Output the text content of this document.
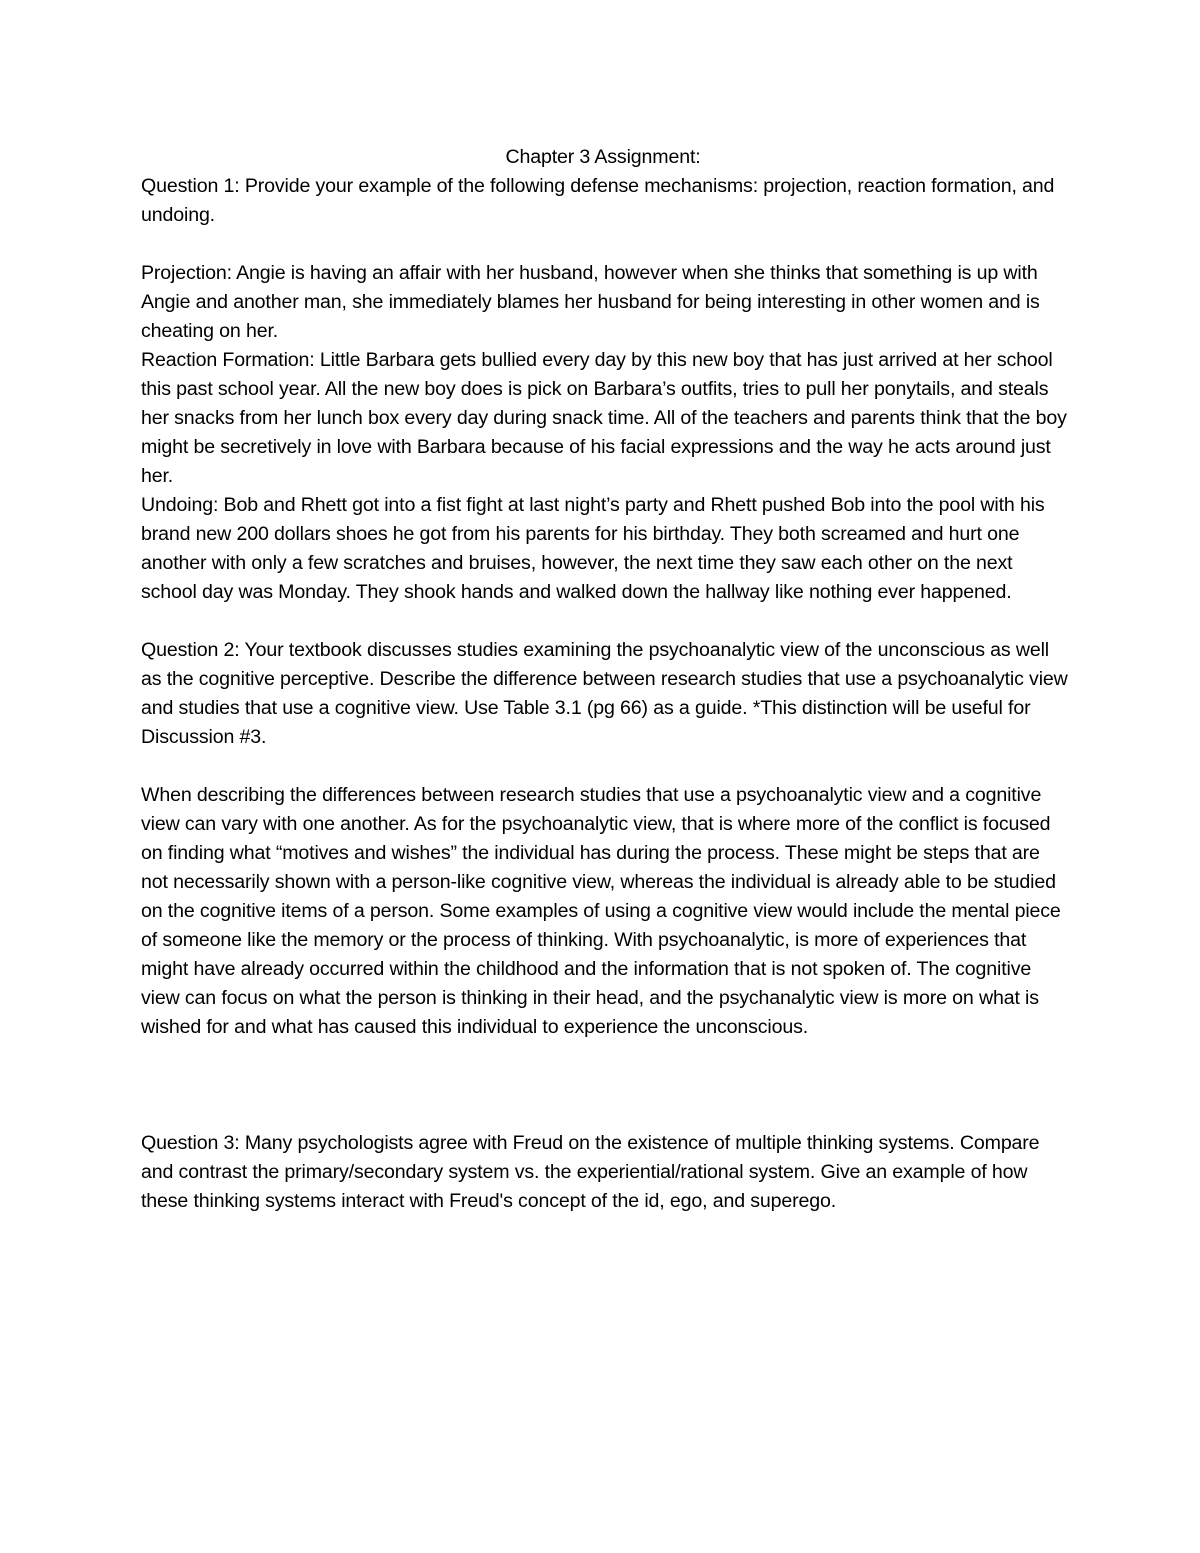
Chapter 3 Assignment:

Question 1: Provide your example of the following defense mechanisms: projection, reaction formation, and undoing.

Projection: Angie is having an affair with her husband, however when she thinks that something is up with Angie and another man, she immediately blames her husband for being interesting in other women and is cheating on her.

Reaction Formation: Little Barbara gets bullied every day by this new boy that has just arrived at her school this past school year. All the new boy does is pick on Barbara’s outfits, tries to pull her ponytails, and steals her snacks from her lunch box every day during snack time. All of the teachers and parents think that the boy might be secretively in love with Barbara because of his facial expressions and the way he acts around just her.

Undoing: Bob and Rhett got into a fist fight at last night’s party and Rhett pushed Bob into the pool with his brand new 200 dollars shoes he got from his parents for his birthday. They both screamed and hurt one another with only a few scratches and bruises, however, the next time they saw each other on the next school day was Monday. They shook hands and walked down the hallway like nothing ever happened.

Question 2: Your textbook discusses studies examining the psychoanalytic view of the unconscious as well as the cognitive perceptive. Describe the difference between research studies that use a psychoanalytic view and studies that use a cognitive view. Use Table 3.1 (pg 66) as a guide. *This distinction will be useful for Discussion #3.

When describing the differences between research studies that use a psychoanalytic view and a cognitive view can vary with one another. As for the psychoanalytic view, that is where more of the conflict is focused on finding what “motives and wishes” the individual has during the process. These might be steps that are not necessarily shown with a person-like cognitive view, whereas the individual is already able to be studied on the cognitive items of a person. Some examples of using a cognitive view would include the mental piece of someone like the memory or the process of thinking. With psychoanalytic, is more of experiences that might have already occurred within the childhood and the information that is not spoken of. The cognitive view can focus on what the person is thinking in their head, and the psychanalytic view is more on what is wished for and what has caused this individual to experience the unconscious.

Question 3: Many psychologists agree with Freud on the existence of multiple thinking systems. Compare and contrast the primary/secondary system vs. the experiential/rational system. Give an example of how these thinking systems interact with Freud's concept of the id, ego, and superego.
